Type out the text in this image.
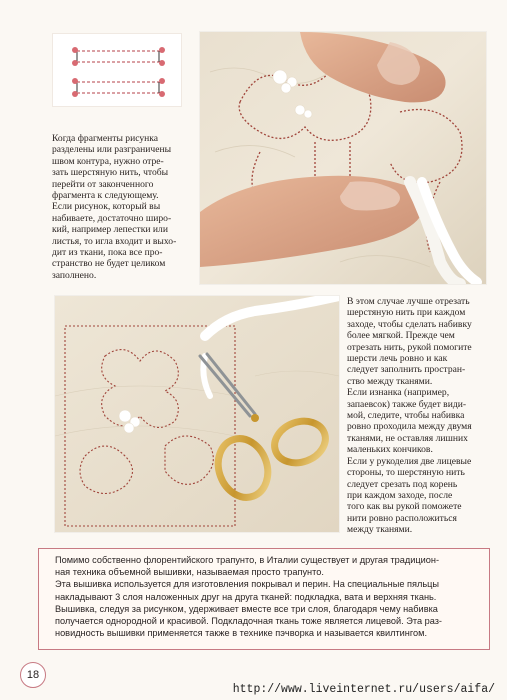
Когда фрагменты рисунка

разделены или разграничены

швом контура, нужно отре-

зать шерстяную нить, чтобы

перейти от законченного

фрагмента к следующему.

Если рисунок, который вы

набиваете, достаточно широ-

кий, например лепестки или

листья, то игла входит и выхо-

дит из ткани, пока все про-

странство не будет целиком

заполнено.

В этом случае лучше отрезать

шерстяную нить при каждом

заходе, чтобы сделать набивку

более мягкой. Прежде чем

отрезать нить, рукой помогите

шерсти лечь ровно и как

следует заполнить простран-

ство между тканями.

Если изнанка (например,

запаевсок) также будет види-

мой, следите, чтобы набивка

ровно проходила между двумя

тканями, не оставляя лишних

маленьких кончиков.

Если у рукоделия две лицевые

стороны, то шерстяную нить

следует срезать под корень

при каждом заходе, после

того как вы рукой поможете

нити ровно расположиться

между тканями.

Помимо собственно флорентийского трапунто, в Италии существует и другая традицион-

ная техника объемной вышивки, называемая просто трапунто.

Эта вышивка используется для изготовления покрывал и перин. На специальные пяльцы

накладывают 3 слоя наложенных друг на друга тканей: подкладка, вата и верхняя ткань.

Вышивка, следуя за рисунком, удерживает вместе все три слоя, благодаря чему набивка

получается однородной и красивой. Подкладочная ткань тоже является лицевой. Эта раз-

новидность вышивки применяется также в технике пэчворка и называется квилтингом.

18
http://www.liveinternet.ru/users/aifa/
